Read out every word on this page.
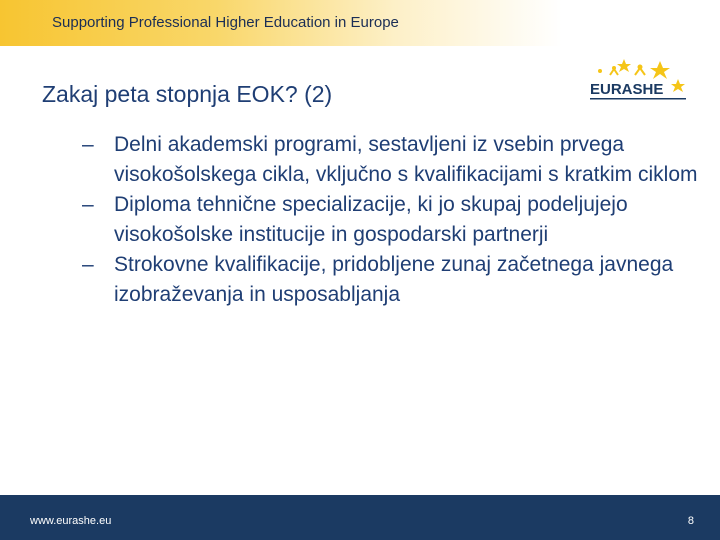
Supporting Professional Higher Education in Europe
Zakaj peta stopnja EOK? (2)	EURASHE
– Delni akademski programi, sestavljeni iz vsebin prvega visokošolskega cikla, vključno s kvalifikacijami s kratkim ciklom
– Diploma tehnične specializacije, ki jo skupaj podeljujejo visokošolske institucije in gospodarski partnerji
– Strokovne kvalifikacije, pridobljene zunaj začetnega javnega izobraževanja in usposabljanja
www.eurashe.eu	8
